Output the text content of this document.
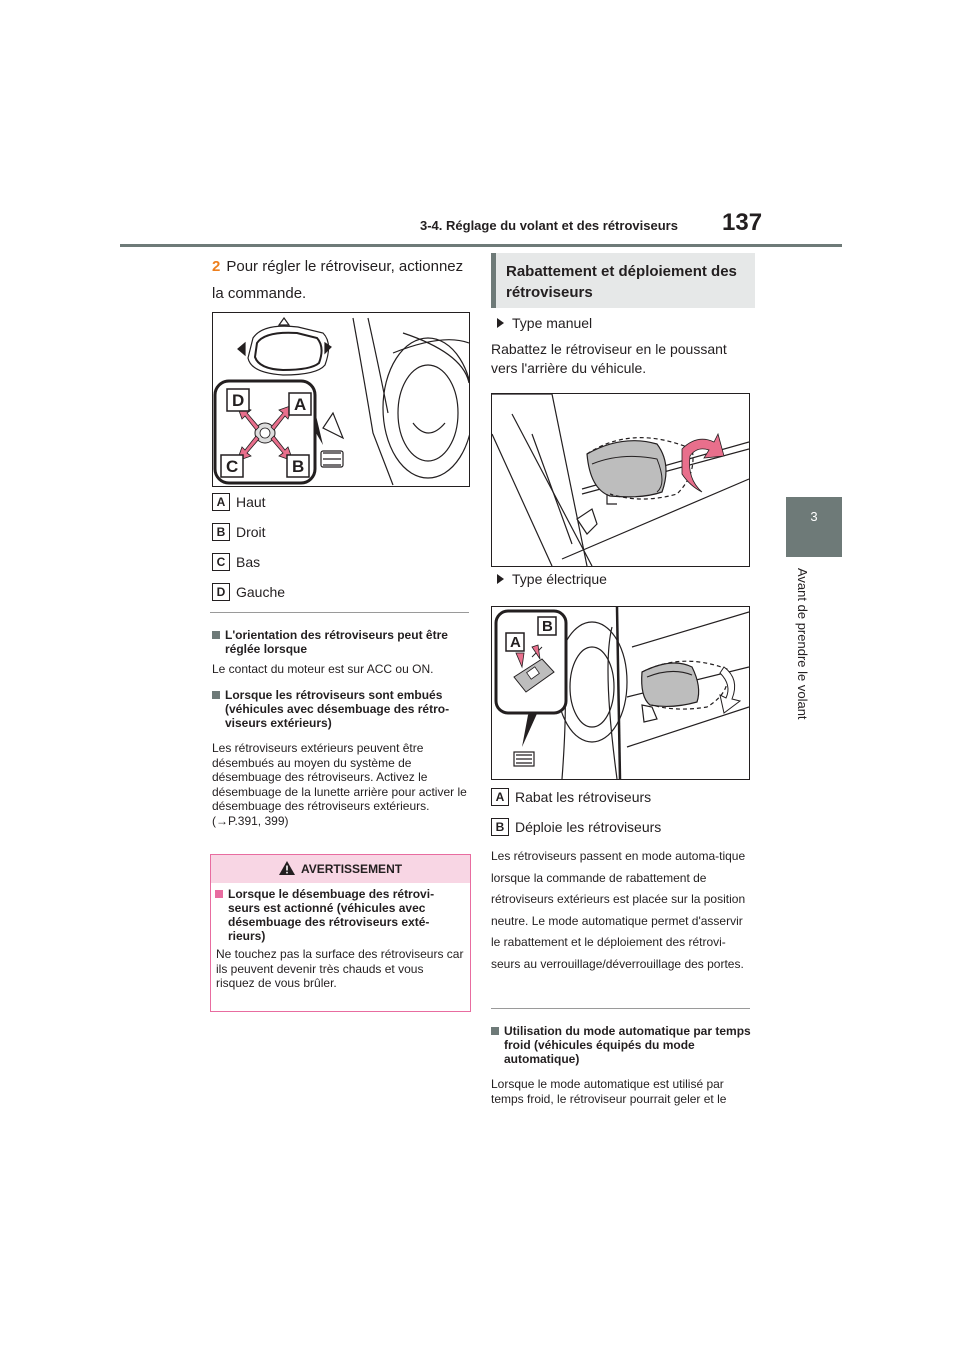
3-4. Réglage du volant et des rétroviseurs 137
3
Avant de prendre le volant
2 Pour régler le rétroviseur, actionnez la commande.
D	A
C	B
A Haut
B Droit
C Bas
D Gauche
L'orientation des rétroviseurs peut être réglée lorsque
Le contact du moteur est sur ACC ou ON.
Lorsque les rétroviseurs sont embués (véhicules avec désembuage des rétro-viseurs extérieurs)
Les rétroviseurs extérieurs peuvent être désembués au moyen du système de désembuage des rétroviseurs. Activez le désembuage de la lunette arrière pour activer le désembuage des rétroviseurs extérieurs. (→P.391, 399)
AVERTISSEMENT
Lorsque le désembuage des rétrovi-seurs est actionné (véhicules avec désembuage des rétroviseurs exté-rieurs)
Ne touchez pas la surface des rétroviseurs car ils peuvent devenir très chauds et vous risquez de vous brûler.
Rabattement et déploiement des rétroviseurs
Type manuel
Rabattez le rétroviseur en le poussant vers l'arrière du véhicule.
Type électrique
B
A
A Rabat les rétroviseurs
B Déploie les rétroviseurs
Les rétroviseurs passent en mode automa-tique lorsque la commande de rabattement de rétroviseurs extérieurs est placée sur la position neutre. Le mode automatique permet d'asservir le rabattement et le déploiement des rétrovi-seurs au verrouillage/déverrouillage des portes.
Utilisation du mode automatique par temps froid (véhicules équipés du mode automatique)
Lorsque le mode automatique est utilisé par temps froid, le rétroviseur pourrait geler et le
